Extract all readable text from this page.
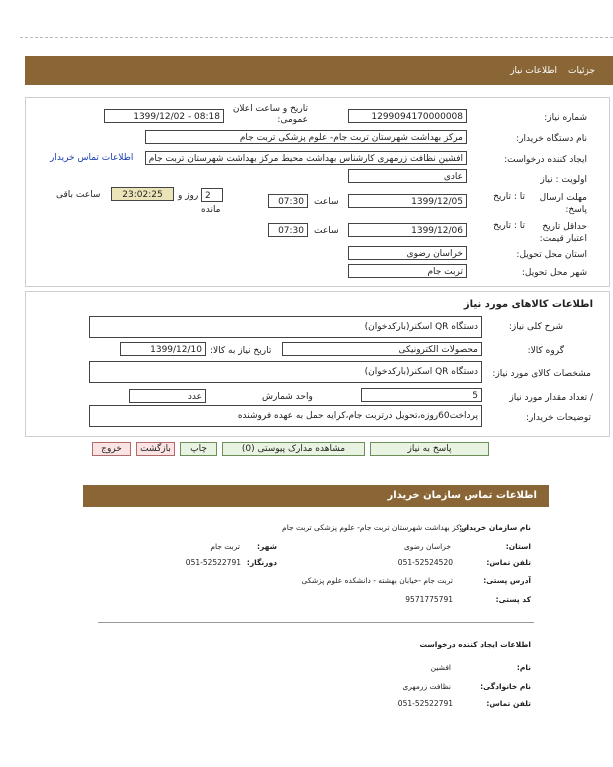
جزئیات
اطلاعات نیاز
شماره نیاز:
1299094170000008
تاریخ و ساعت اعلان عمومی:
1399/12/02 - 08:18
نام دستگاه خریدار:
مرکز بهداشت شهرستان تربت جام- علوم پزشکی تربت جام
ایجاد کننده درخواست:
افشین نظافت زرمهری کارشناس بهداشت محیط مرکز بهداشت شهرستان تربت جام
اطلاعات تماس خریدار
اولویت : نیاز
عادی
مهلت ارسال پاسخ:
تا : تاریخ
1399/12/05
ساعت
07:30
2
روز و
مانده
23:02:25
ساعت باقی
حداقل تاریخ اعتبار قیمت:
تا : تاریخ
1399/12/06
ساعت
07:30
استان محل تحویل:
خراسان رضوی
شهر محل تحویل:
تربت جام
اطلاعات کالاهای مورد نیاز
شرح کلی نیاز:
دستگاه QR اسکنر(بارکدخوان)
گروه کالا:
محصولات الکترونیکی
تاریخ نیاز به کالا:
1399/12/10
مشخصات کالای مورد نیاز:
دستگاه QR اسکنر(بارکدخوان)
/ تعداد مقدار مورد نیاز
5
واحد شمارش
عدد
توضیحات خریدار:
پرداخت60روزه،تحویل درتربت جام،کرایه حمل به عهده فروشنده
پاسخ به نیاز
مشاهده مدارک پیوستی (0)
چاپ
بازگشت
خروج
اطلاعات تماس سازمان خریدار
نام سازمان خریدار:
مرکز بهداشت شهرستان تربت جام- علوم پزشکی تربت جام
استان:
خراسان رضوی
شهر:
تربت جام
تلفن تماس:
051-52524520
دورنگار:
051-52522791
آدرس پستی:
تربت جام -خیابان بهشته - دانشکده علوم پزشکی
کد پستی:
9571775791
اطلاعات ایجاد کننده درخواست
نام:
افشین
نام خانوادگی:
نظافت زرمهری
تلفن تماس:
051-52522791
